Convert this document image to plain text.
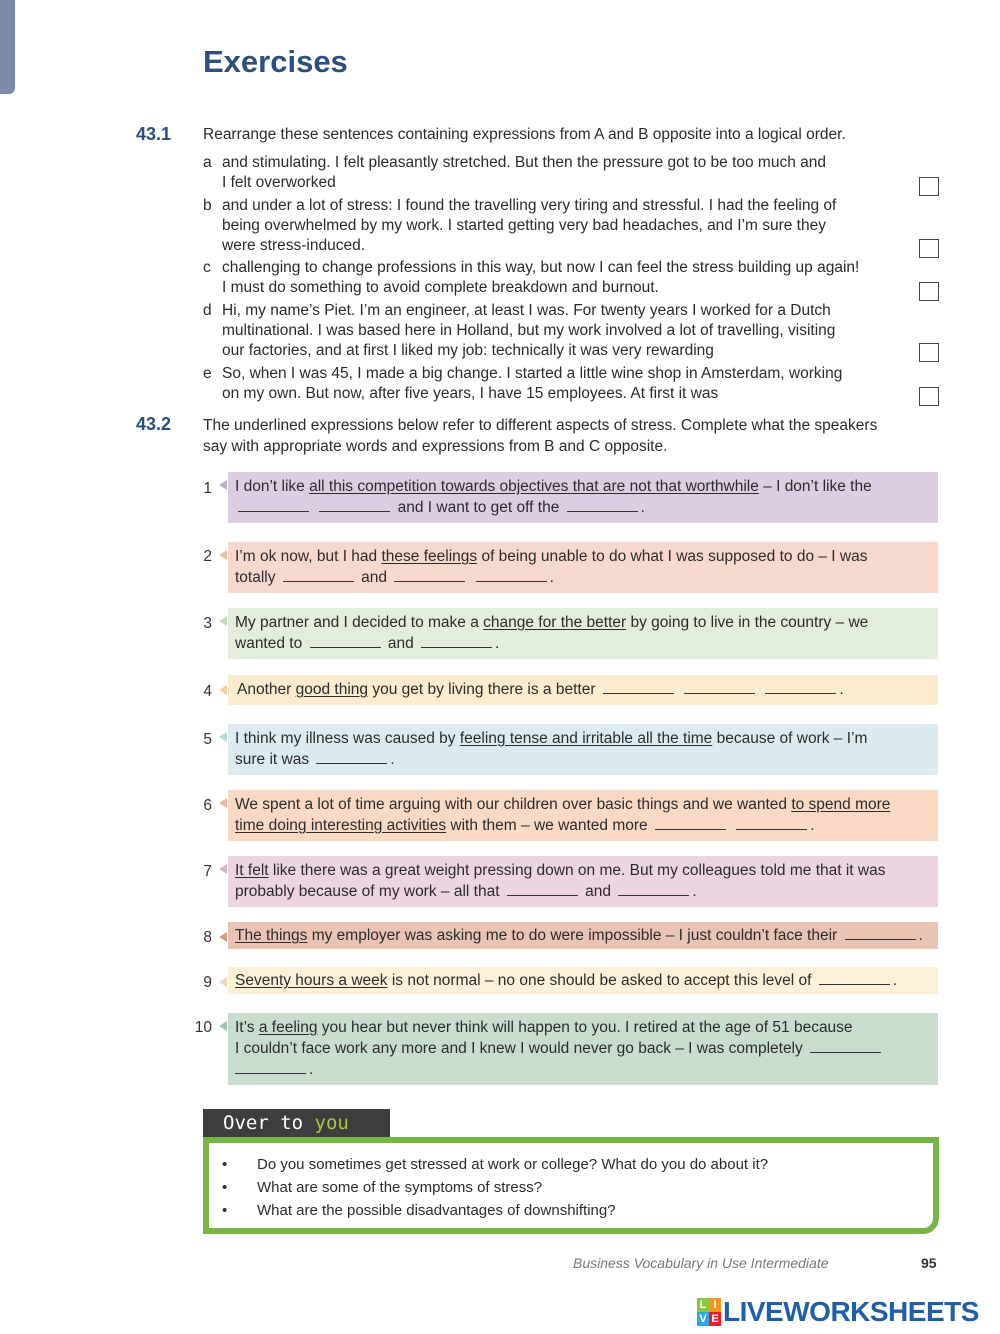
Exercises
43.1 Rearrange these sentences containing expressions from A and B opposite into a logical order.
a and stimulating. I felt pleasantly stretched. But then the pressure got to be too much and
I felt overworked
b and under a lot of stress: I found the travelling very tiring and stressful. I had the feeling of
being overwhelmed by my work. I started getting very bad headaches, and I’m sure they
were stress-induced.
c challenging to change professions in this way, but now I can feel the stress building up again!
I must do something to avoid complete breakdown and burnout.
d Hi, my name’s Piet. I’m an engineer, at least I was. For twenty years I worked for a Dutch
multinational. I was based here in Holland, but my work involved a lot of travelling, visiting
our factories, and at first I liked my job: technically it was very rewarding
e So, when I was 45, I made a big change. I started a little wine shop in Amsterdam, working
on my own. But now, after five years, I have 15 employees. At first it was
43.2 The underlined expressions below refer to different aspects of stress. Complete what the speakers
say with appropriate words and expressions from B and C opposite.
1	I don’t like all this competition towards objectives that are not that worthwhile – I don’t like the
and I want to get off the	.
2	I’m ok now, but I had these feelings of being unable to do what I was supposed to do – I was
totally	and	.
3	My partner and I decided to make a change for the better by going to live in the country – we
wanted to	and	.
4	Another good thing you get by living there is a better	.
5	I think my illness was caused by feeling tense and irritable all the time because of work – I’m
sure it was	.
6	We spent a lot of time arguing with our children over basic things and we wanted to spend more
time doing interesting activities with them – we wanted more	.
7	It felt like there was a great weight pressing down on me. But my colleagues told me that it was
probably because of my work – all that	and	.
8	The things my employer was asking me to do were impossible – I just couldn’t face their	.
9	Seventy hours a week is not normal – no one should be asked to accept this level of	.
10	It’s a feeling you hear but never think will happen to you. I retired at the age of 51 because
I couldn’t face work any more and I knew I would never go back – I was completely
.
Over to you
• Do you sometimes get stressed at work or college? What do you do about it?
• What are some of the symptoms of stress?
• What are the possible disadvantages of downshifting?
Business Vocabulary in Use Intermediate	95
L I
V E LIVEWORKSHEETS
